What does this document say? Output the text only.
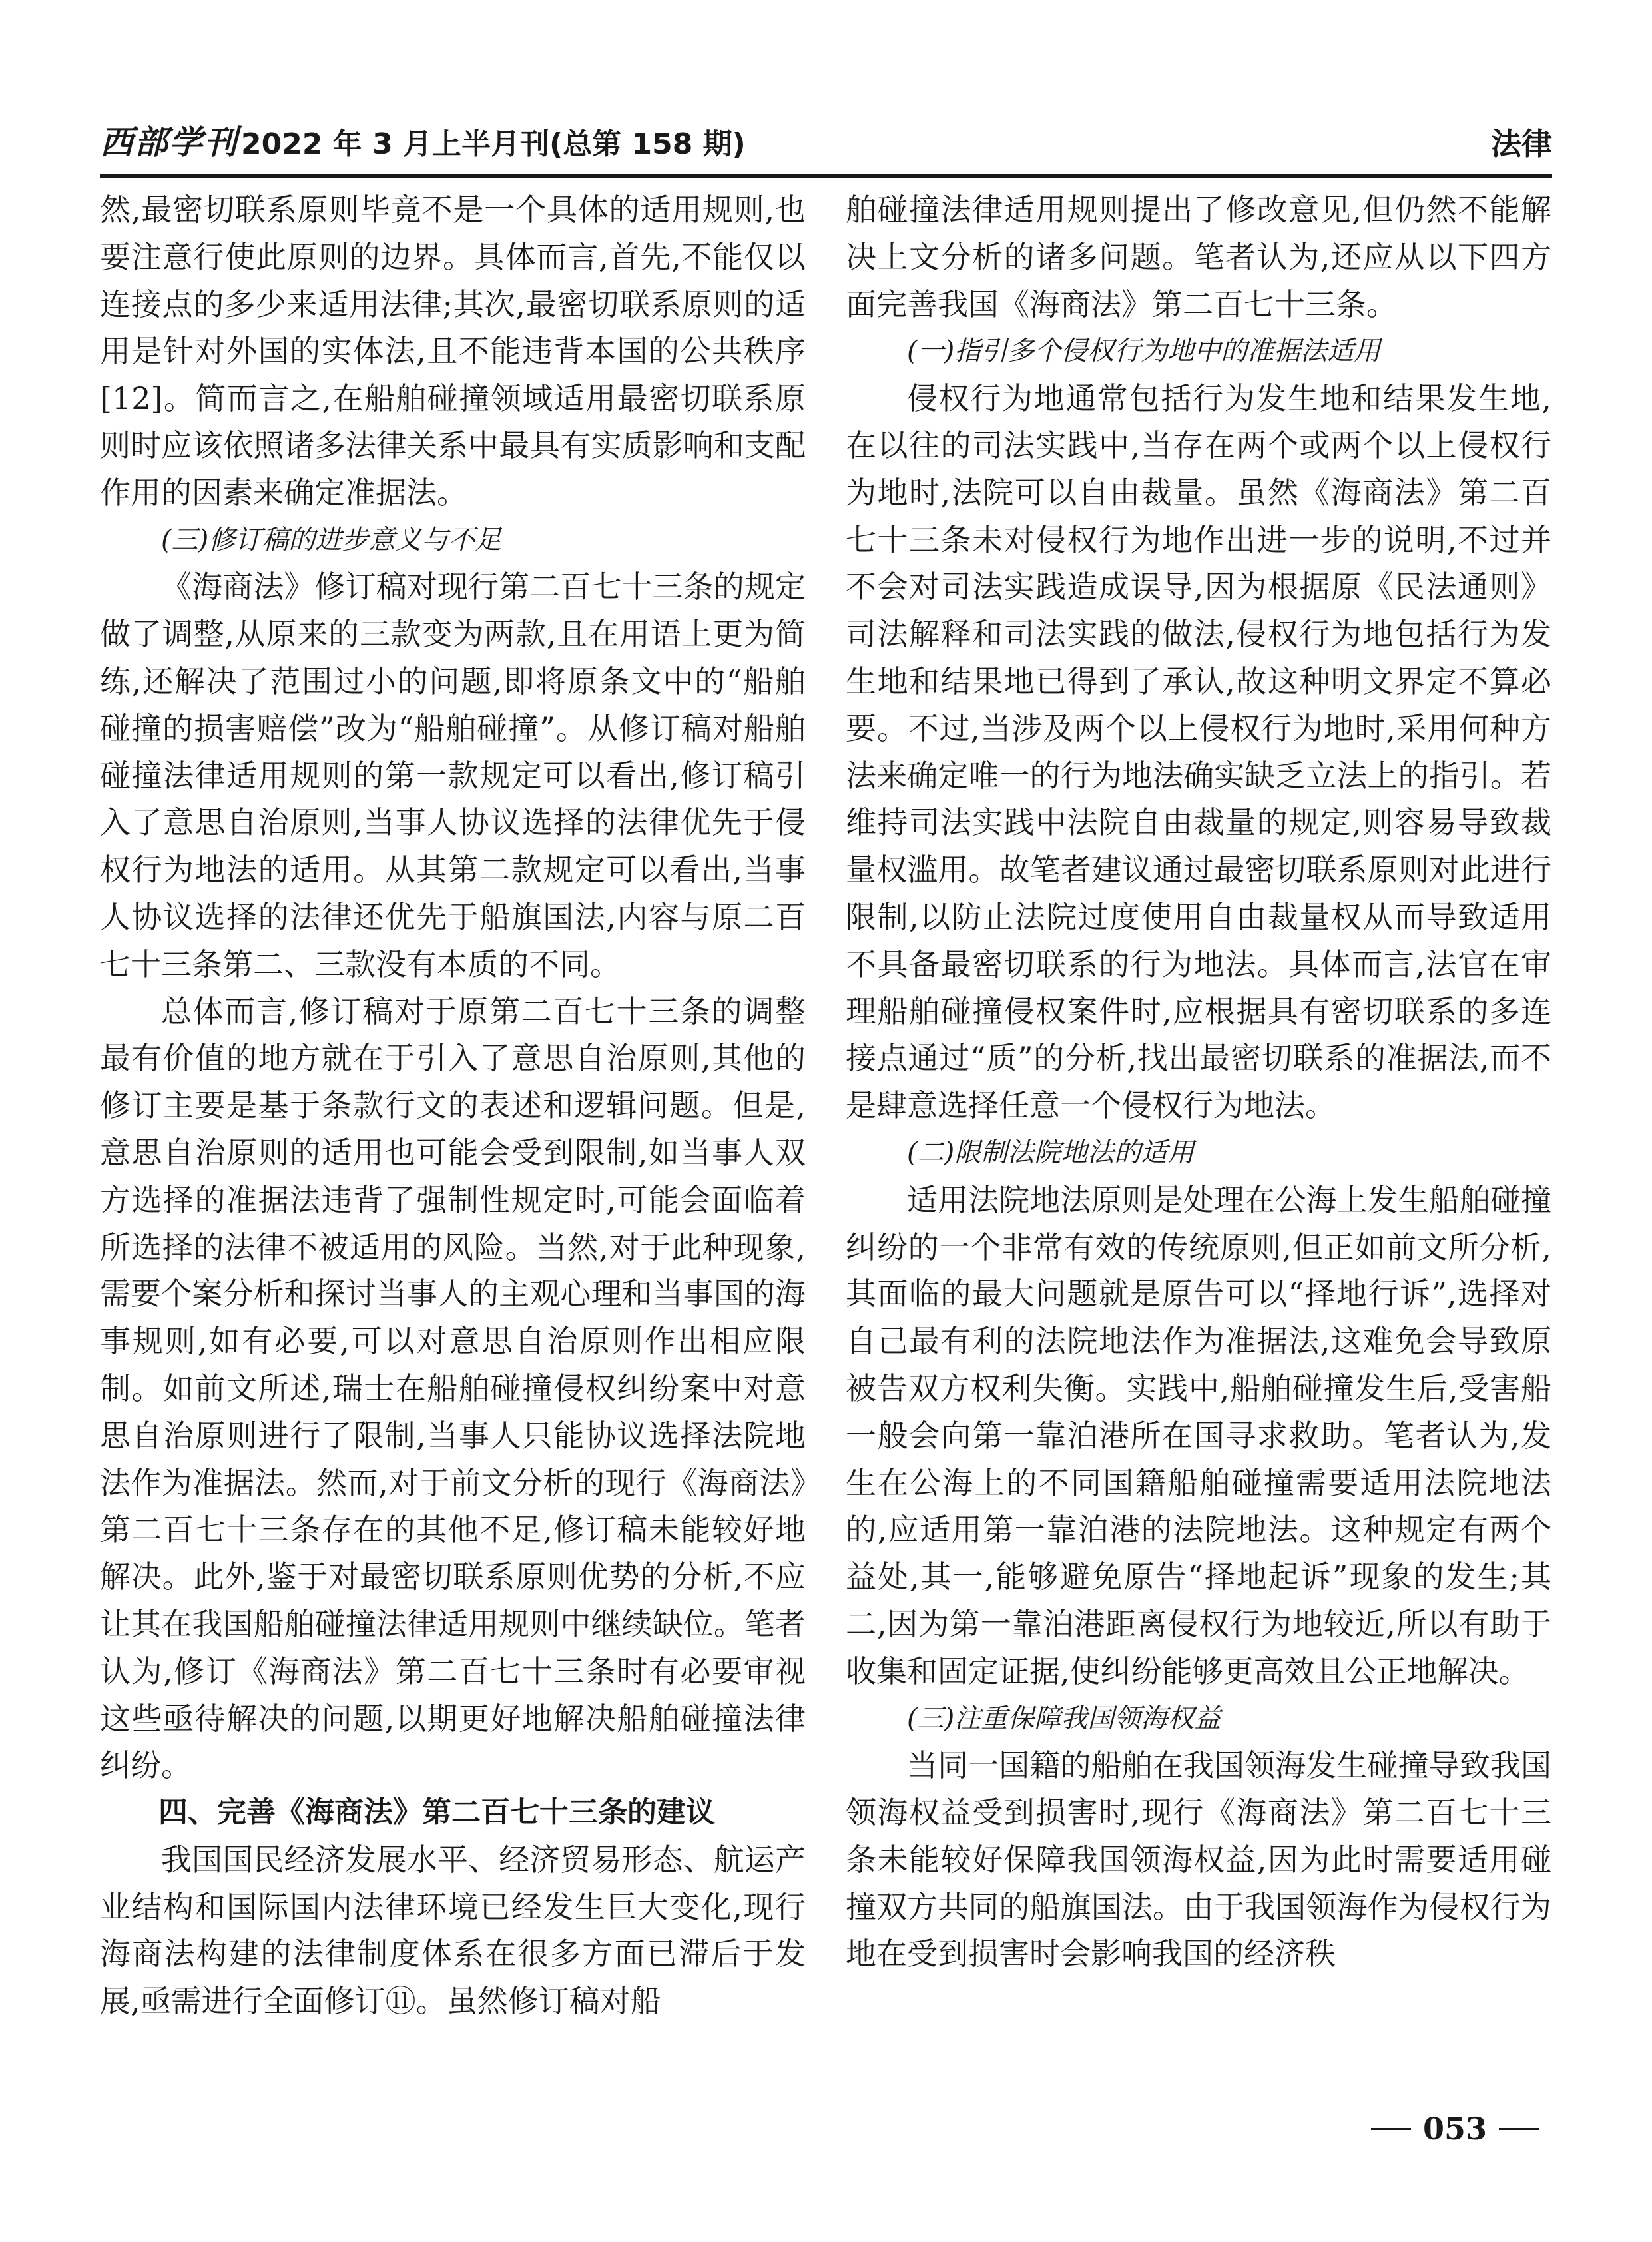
西部学刊 2022 年 3 月上半月刊(总第 158 期)	法律

然,最密切联系原则毕竟不是一个具体的适用规则,也要注意行使此原则的边界。具体而言,首先,不能仅以连接点的多少来适用法律;其次,最密切联系原则的适用是针对外国的实体法,且不能违背本国的公共秩序[12]。简而言之,在船舶碰撞领域适用最密切联系原则时应该依照诸多法律关系中最具有实质影响和支配作用的因素来确定准据法。

(三)修订稿的进步意义与不足

《海商法》修订稿对现行第二百七十三条的规定做了调整,从原来的三款变为两款,且在用语上更为简练,还解决了范围过小的问题,即将原条文中的“船舶碰撞的损害赔偿”改为“船舶碰撞”。从修订稿对船舶碰撞法律适用规则的第一款规定可以看出,修订稿引入了意思自治原则,当事人协议选择的法律优先于侵权行为地法的适用。从其第二款规定可以看出,当事人协议选择的法律还优先于船旗国法,内容与原二百七十三条第二、三款没有本质的不同。

总体而言,修订稿对于原第二百七十三条的调整最有价值的地方就在于引入了意思自治原则,其他的修订主要是基于条款行文的表述和逻辑问题。但是,意思自治原则的适用也可能会受到限制,如当事人双方选择的准据法违背了强制性规定时,可能会面临着所选择的法律不被适用的风险。当然,对于此种现象,需要个案分析和探讨当事人的主观心理和当事国的海事规则,如有必要,可以对意思自治原则作出相应限制。如前文所述,瑞士在船舶碰撞侵权纠纷案中对意思自治原则进行了限制,当事人只能协议选择法院地法作为准据法。然而,对于前文分析的现行《海商法》第二百七十三条存在的其他不足,修订稿未能较好地解决。此外,鉴于对最密切联系原则优势的分析,不应让其在我国船舶碰撞法律适用规则中继续缺位。笔者认为,修订《海商法》第二百七十三条时有必要审视这些亟待解决的问题,以期更好地解决船舶碰撞法律纠纷。

四、完善《海商法》第二百七十三条的建议

我国国民经济发展水平、经济贸易形态、航运产业结构和国际国内法律环境已经发生巨大变化,现行海商法构建的法律制度体系在很多方面已滞后于发展,亟需进行全面修订⑪。虽然修订稿对船

舶碰撞法律适用规则提出了修改意见,但仍然不能解决上文分析的诸多问题。笔者认为,还应从以下四方面完善我国《海商法》第二百七十三条。

(一)指引多个侵权行为地中的准据法适用

侵权行为地通常包括行为发生地和结果发生地,在以往的司法实践中,当存在两个或两个以上侵权行为地时,法院可以自由裁量。虽然《海商法》第二百七十三条未对侵权行为地作出进一步的说明,不过并不会对司法实践造成误导,因为根据原《民法通则》司法解释和司法实践的做法,侵权行为地包括行为发生地和结果地已得到了承认,故这种明文界定不算必要。不过,当涉及两个以上侵权行为地时,采用何种方法来确定唯一的行为地法确实缺乏立法上的指引。若维持司法实践中法院自由裁量的规定,则容易导致裁量权滥用。故笔者建议通过最密切联系原则对此进行限制,以防止法院过度使用自由裁量权从而导致适用不具备最密切联系的行为地法。具体而言,法官在审理船舶碰撞侵权案件时,应根据具有密切联系的多连接点通过“质”的分析,找出最密切联系的准据法,而不是肆意选择任意一个侵权行为地法。

(二)限制法院地法的适用

适用法院地法原则是处理在公海上发生船舶碰撞纠纷的一个非常有效的传统原则,但正如前文所分析,其面临的最大问题就是原告可以“择地行诉”,选择对自己最有利的法院地法作为准据法,这难免会导致原被告双方权利失衡。实践中,船舶碰撞发生后,受害船一般会向第一靠泊港所在国寻求救助。笔者认为,发生在公海上的不同国籍船舶碰撞需要适用法院地法的,应适用第一靠泊港的法院地法。这种规定有两个益处,其一,能够避免原告“择地起诉”现象的发生;其二,因为第一靠泊港距离侵权行为地较近,所以有助于收集和固定证据,使纠纷能够更高效且公正地解决。

(三)注重保障我国领海权益

当同一国籍的船舶在我国领海发生碰撞导致我国领海权益受到损害时,现行《海商法》第二百七十三条未能较好保障我国领海权益,因为此时需要适用碰撞双方共同的船旗国法。由于我国领海作为侵权行为地在受到损害时会影响我国的经济秩

053
